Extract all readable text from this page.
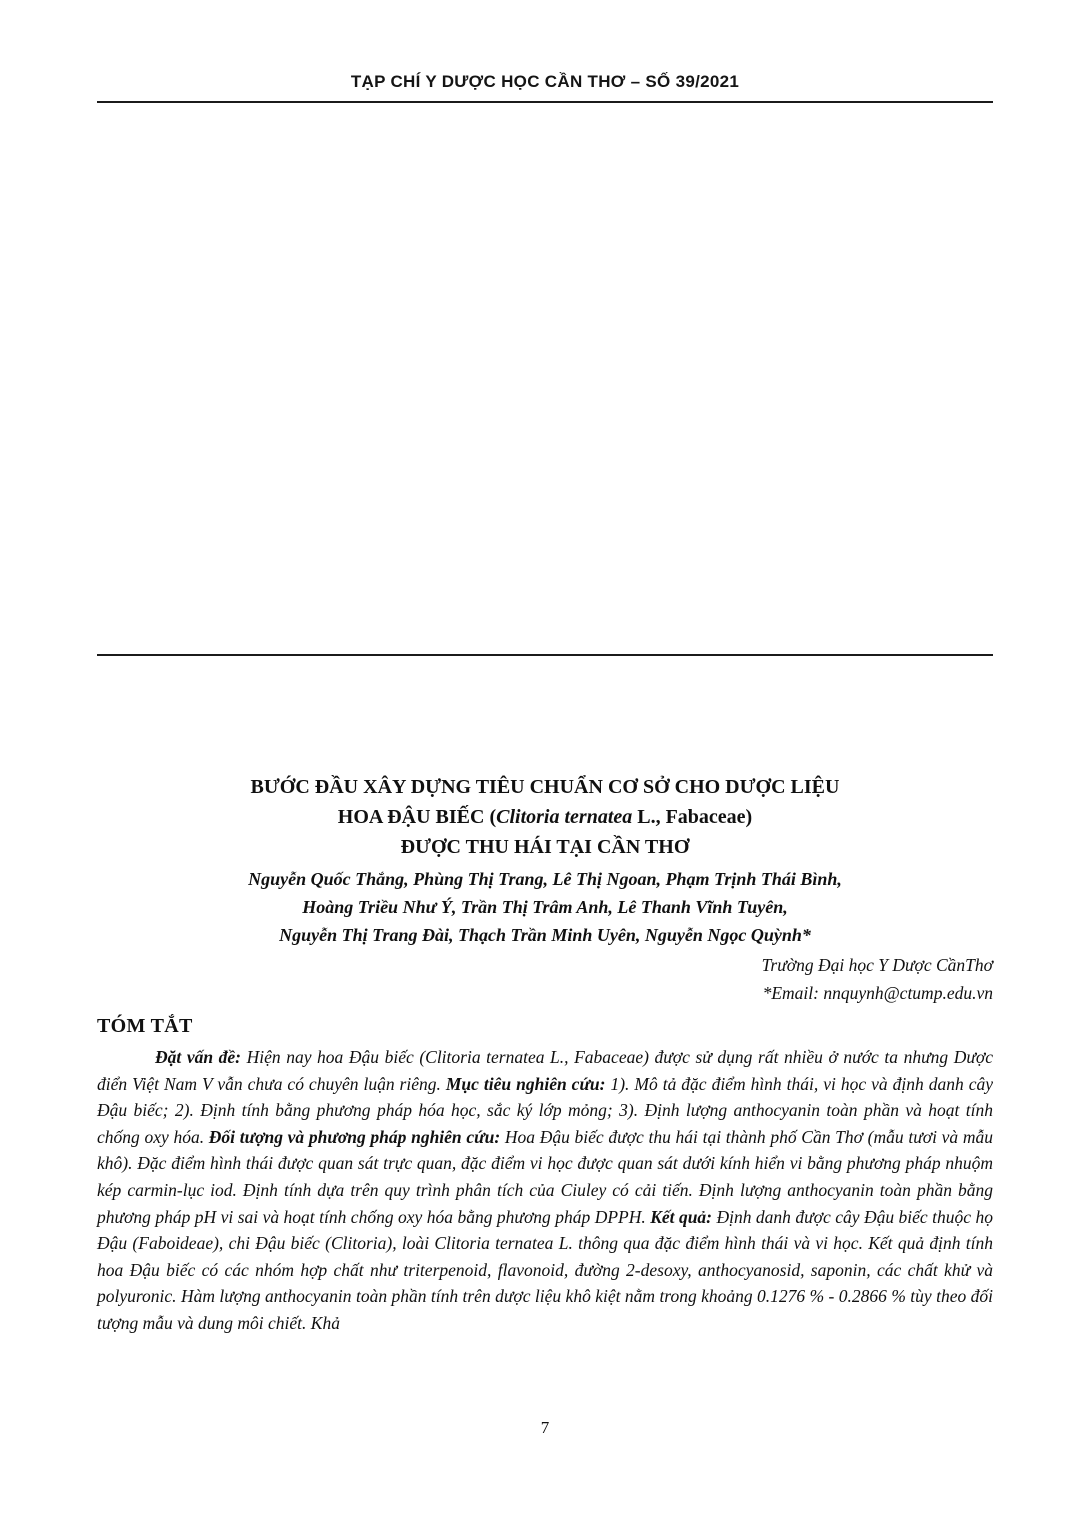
TẠP CHÍ Y DƯỢC HỌC CẦN THƠ – SỐ 39/2021
BƯỚC ĐẦU XÂY DỰNG TIÊU CHUẨN CƠ SỞ CHO DƯỢC LIỆU
HOA ĐẬU BIẾC (Clitoria ternatea L., Fabaceae)
ĐƯỢC THU HÁI TẠI CẦN THƠ
Nguyễn Quốc Thắng, Phùng Thị Trang, Lê Thị Ngoan, Phạm Trịnh Thái Bình,
Hoàng Triều Như Ý, Trần Thị Trâm Anh, Lê Thanh Vĩnh Tuyên,
Nguyễn Thị Trang Đài, Thạch Trần Minh Uyên, Nguyễn Ngọc Quỳnh*
Trường Đại học Y Dược CầnThơ
*Email: nnquynh@ctump.edu.vn
TÓM TẮT

Đặt vấn đề: Hiện nay hoa Đậu biếc (Clitoria ternatea L., Fabaceae) được sử dụng rất nhiều ở nước ta nhưng Dược điển Việt Nam V vẫn chưa có chuyên luận riêng. Mục tiêu nghiên cứu: 1). Mô tả đặc điểm hình thái, vi học và định danh cây Đậu biếc; 2). Định tính bằng phương pháp hóa học, sắc ký lớp mỏng; 3). Định lượng anthocyanin toàn phần và hoạt tính chống oxy hóa. Đối tượng và phương pháp nghiên cứu: Hoa Đậu biếc được thu hái tại thành phố Cần Thơ (mẫu tươi và mẫu khô). Đặc điểm hình thái được quan sát trực quan, đặc điểm vi học được quan sát dưới kính hiển vi bằng phương pháp nhuộm kép carmin-lục iod. Định tính dựa trên quy trình phân tích của Ciuley có cải tiến. Định lượng anthocyanin toàn phần bằng phương pháp pH vi sai và hoạt tính chống oxy hóa bằng phương pháp DPPH. Kết quả: Định danh được cây Đậu biếc thuộc họ Đậu (Faboideae), chi Đậu biếc (Clitoria), loài Clitoria ternatea L. thông qua đặc điểm hình thái và vi học. Kết quả định tính hoa Đậu biếc có các nhóm hợp chất như triterpenoid, flavonoid, đường 2-desoxy, anthocyanosid, saponin, các chất khử và polyuronic. Hàm lượng anthocyanin toàn phần tính trên dược liệu khô kiệt nằm trong khoảng 0.1276 % - 0.2866 % tùy theo đối tượng mẫu và dung môi chiết. Khả

7
